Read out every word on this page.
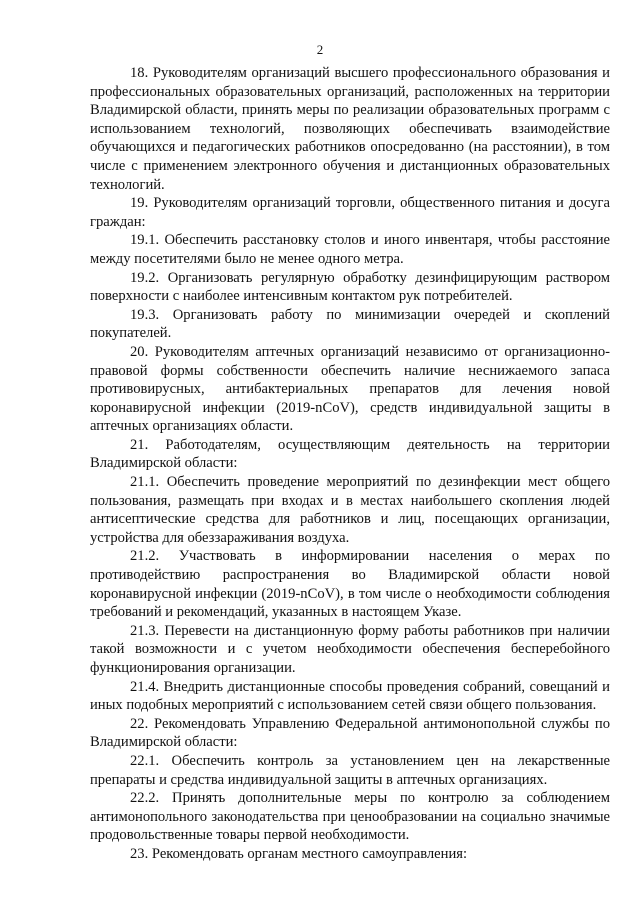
2

18. Руководителям организаций высшего профессионального образования и профессиональных образовательных организаций, расположенных на территории Владимирской области, принять меры по реализации образовательных программ с использованием технологий, позволяющих обеспечивать взаимодействие обучающихся и педагогических работников опосредованно (на расстоянии), в том числе с применением электронного обучения и дистанционных образовательных технологий.

19. Руководителям организаций торговли, общественного питания и досуга граждан:

19.1. Обеспечить расстановку столов и иного инвентаря, чтобы расстояние между посетителями было не менее одного метра.

19.2. Организовать регулярную обработку дезинфицирующим раствором поверхности с наиболее интенсивным контактом рук потребителей.

19.3. Организовать работу по минимизации очередей и скоплений покупателей.

20. Руководителям аптечных организаций независимо от организационно-правовой формы собственности обеспечить наличие неснижаемого запаса противовирусных, антибактериальных препаратов для лечения новой коронавирусной инфекции (2019-nCoV), средств индивидуальной защиты в аптечных организациях области.

21. Работодателям, осуществляющим деятельность на территории Владимирской области:

21.1. Обеспечить проведение мероприятий по дезинфекции мест общего пользования, размещать при входах и в местах наибольшего скопления людей антисептические средства для работников и лиц, посещающих организации, устройства для обеззараживания воздуха.

21.2. Участвовать в информировании населения о мерах по противодействию распространения во Владимирской области новой коронавирусной инфекции (2019-nCoV), в том числе о необходимости соблюдения требований и рекомендаций, указанных в настоящем Указе.

21.3. Перевести на дистанционную форму работы работников при наличии такой возможности и с учетом необходимости обеспечения бесперебойного функционирования организации.

21.4. Внедрить дистанционные способы проведения собраний, совещаний и иных подобных мероприятий с использованием сетей связи общего пользования.

22. Рекомендовать Управлению Федеральной антимонопольной службы по Владимирской области:

22.1. Обеспечить контроль за установлением цен на лекарственные препараты и средства индивидуальной защиты в аптечных организациях.

22.2. Принять дополнительные меры по контролю за соблюдением антимонопольного законодательства при ценообразовании на социально значимые продовольственные товары первой необходимости.

23. Рекомендовать органам местного самоуправления:
